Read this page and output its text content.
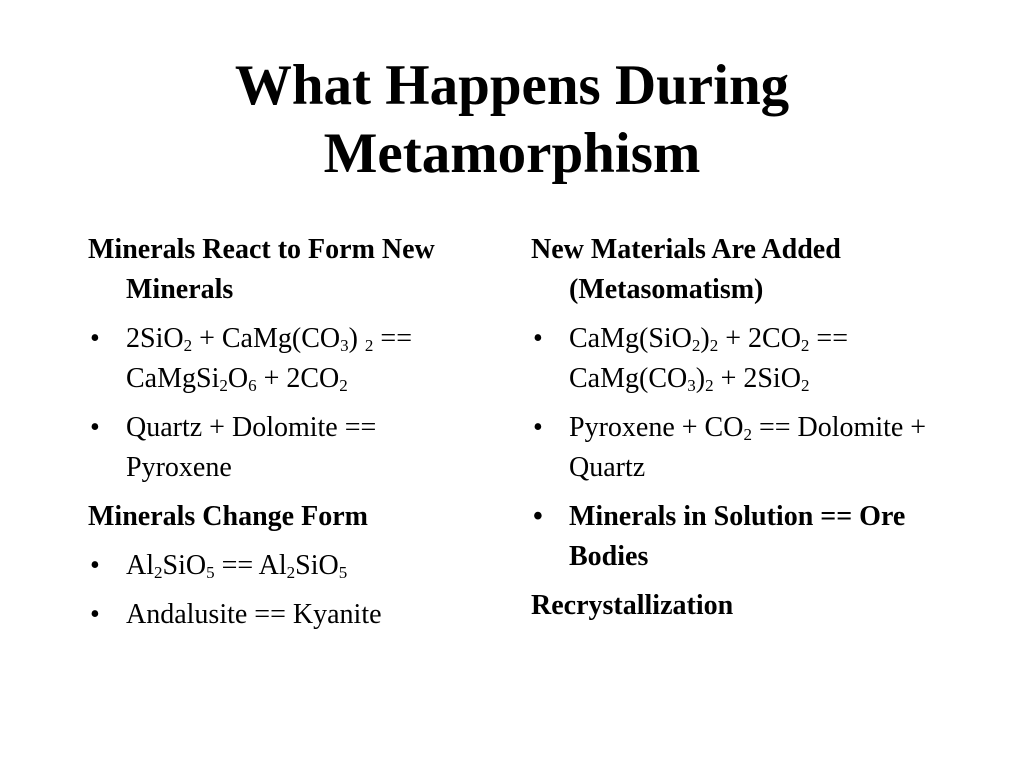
What Happens During
Metamorphism
Minerals React to Form New Minerals
• $2SiO_2 + CaMg(CO_3) _2$ == $CaMgSi_2O_6 + 2CO_2$
• Quartz + Dolomite == Pyroxene
Minerals Change Form
• $Al_2SiO_5 == Al_2SiO_5$
• Andalusite == Kyanite
New Materials Are Added (Metasomatism)
• $CaMg(SiO_2)_2 + 2CO_2$ == $CaMg(CO_3)_2 + 2SiO_2$
• Pyroxene + $CO_2$ == Dolomite + Quartz
• Minerals in Solution == Ore Bodies
Recrystallization
